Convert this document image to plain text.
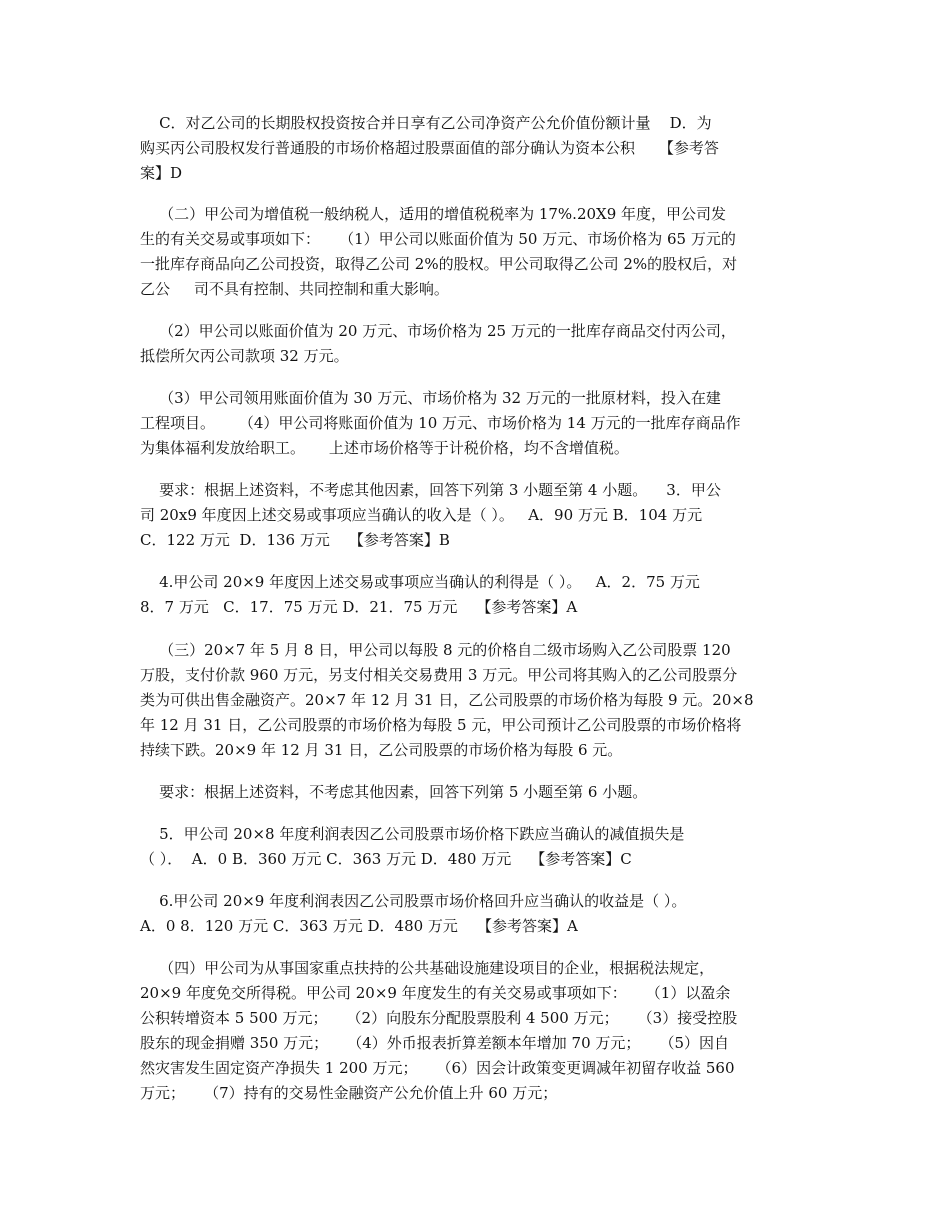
C．对乙公司的长期股权投资按合并日享有乙公司净资产公允价值份额计量    D．为
购买丙公司股权发行普通股的市场价格超过股票面值的部分确认为资本公积     【参考答
案】D
（二）甲公司为增值税一般纳税人，适用的增值税税率为 17%.20X9 年度，甲公司发
生的有关交易或事项如下：    （1）甲公司以账面价值为 50 万元、市场价格为 65 万元的
一批库存商品向乙公司投资，取得乙公司 2%的股权。甲公司取得乙公司 2%的股权后，对
乙公     司不具有控制、共同控制和重大影响。
（2）甲公司以账面价值为 20 万元、市场价格为 25 万元的一批库存商品交付丙公司，
抵偿所欠丙公司款项 32 万元。
（3）甲公司领用账面价值为 30 万元、市场价格为 32 万元的一批原材料，投入在建
工程项目。     （4）甲公司将账面价值为 10 万元、市场价格为 14 万元的一批库存商品作
为集体福利发放给职工。     上述市场价格等于计税价格，均不含增值税。
要求：根据上述资料，不考虑其他因素，回答下列第 3 小题至第 4 小题。    3．甲公
司 20x9 年度因上述交易或事项应当确认的收入是（ ）。   A．90 万元 B．104 万元
C．122 万元  D．136 万元    【参考答案】B
4.甲公司 20×9 年度因上述交易或事项应当确认的利得是（ ）。   A．2．75 万元
8．7 万元   C．17．75 万元 D．21．75 万元    【参考答案】A
（三）20×7 年 5 月 8 日，甲公司以每股 8 元的价格自二级市场购入乙公司股票 120
万股，支付价款 960 万元，另支付相关交易费用 3 万元。甲公司将其购入的乙公司股票分
类为可供出售金融资产。20×7 年 12 月 31 日，乙公司股票的市场价格为每股 9 元。20×8
年 12 月 31 日，乙公司股票的市场价格为每股 5 元，甲公司预计乙公司股票的市场价格将
持续下跌。20×9 年 12 月 31 日，乙公司股票的市场价格为每股 6 元。
要求：根据上述资料，不考虑其他因素，回答下列第 5 小题至第 6 小题。
5．甲公司 20×8 年度利润表因乙公司股票市场价格下跌应当确认的减值损失是
（ ）．  A．0 B．360 万元 C．363 万元 D．480 万元    【参考答案】C
6.甲公司 20×9 年度利润表因乙公司股票市场价格回升应当确认的收益是（ ）。
A．0 8．120 万元 C．363 万元 D．480 万元    【参考答案】A
（四）甲公司为从事国家重点扶持的公共基础设施建设项目的企业，根据税法规定，
20×9 年度免交所得税。甲公司 20×9 年度发生的有关交易或事项如下：    （1）以盈余
公积转增资本 5 500 万元；    （2）向股东分配股票股利 4 500 万元；    （3）接受控股
股东的现金捐赠 350 万元；    （4）外币报表折算差额本年增加 70 万元；    （5）因自
然灾害发生固定资产净损失 1 200 万元；    （6）因会计政策变更调减年初留存收益 560
万元；    （7）持有的交易性金融资产公允价值上升 60 万元；
